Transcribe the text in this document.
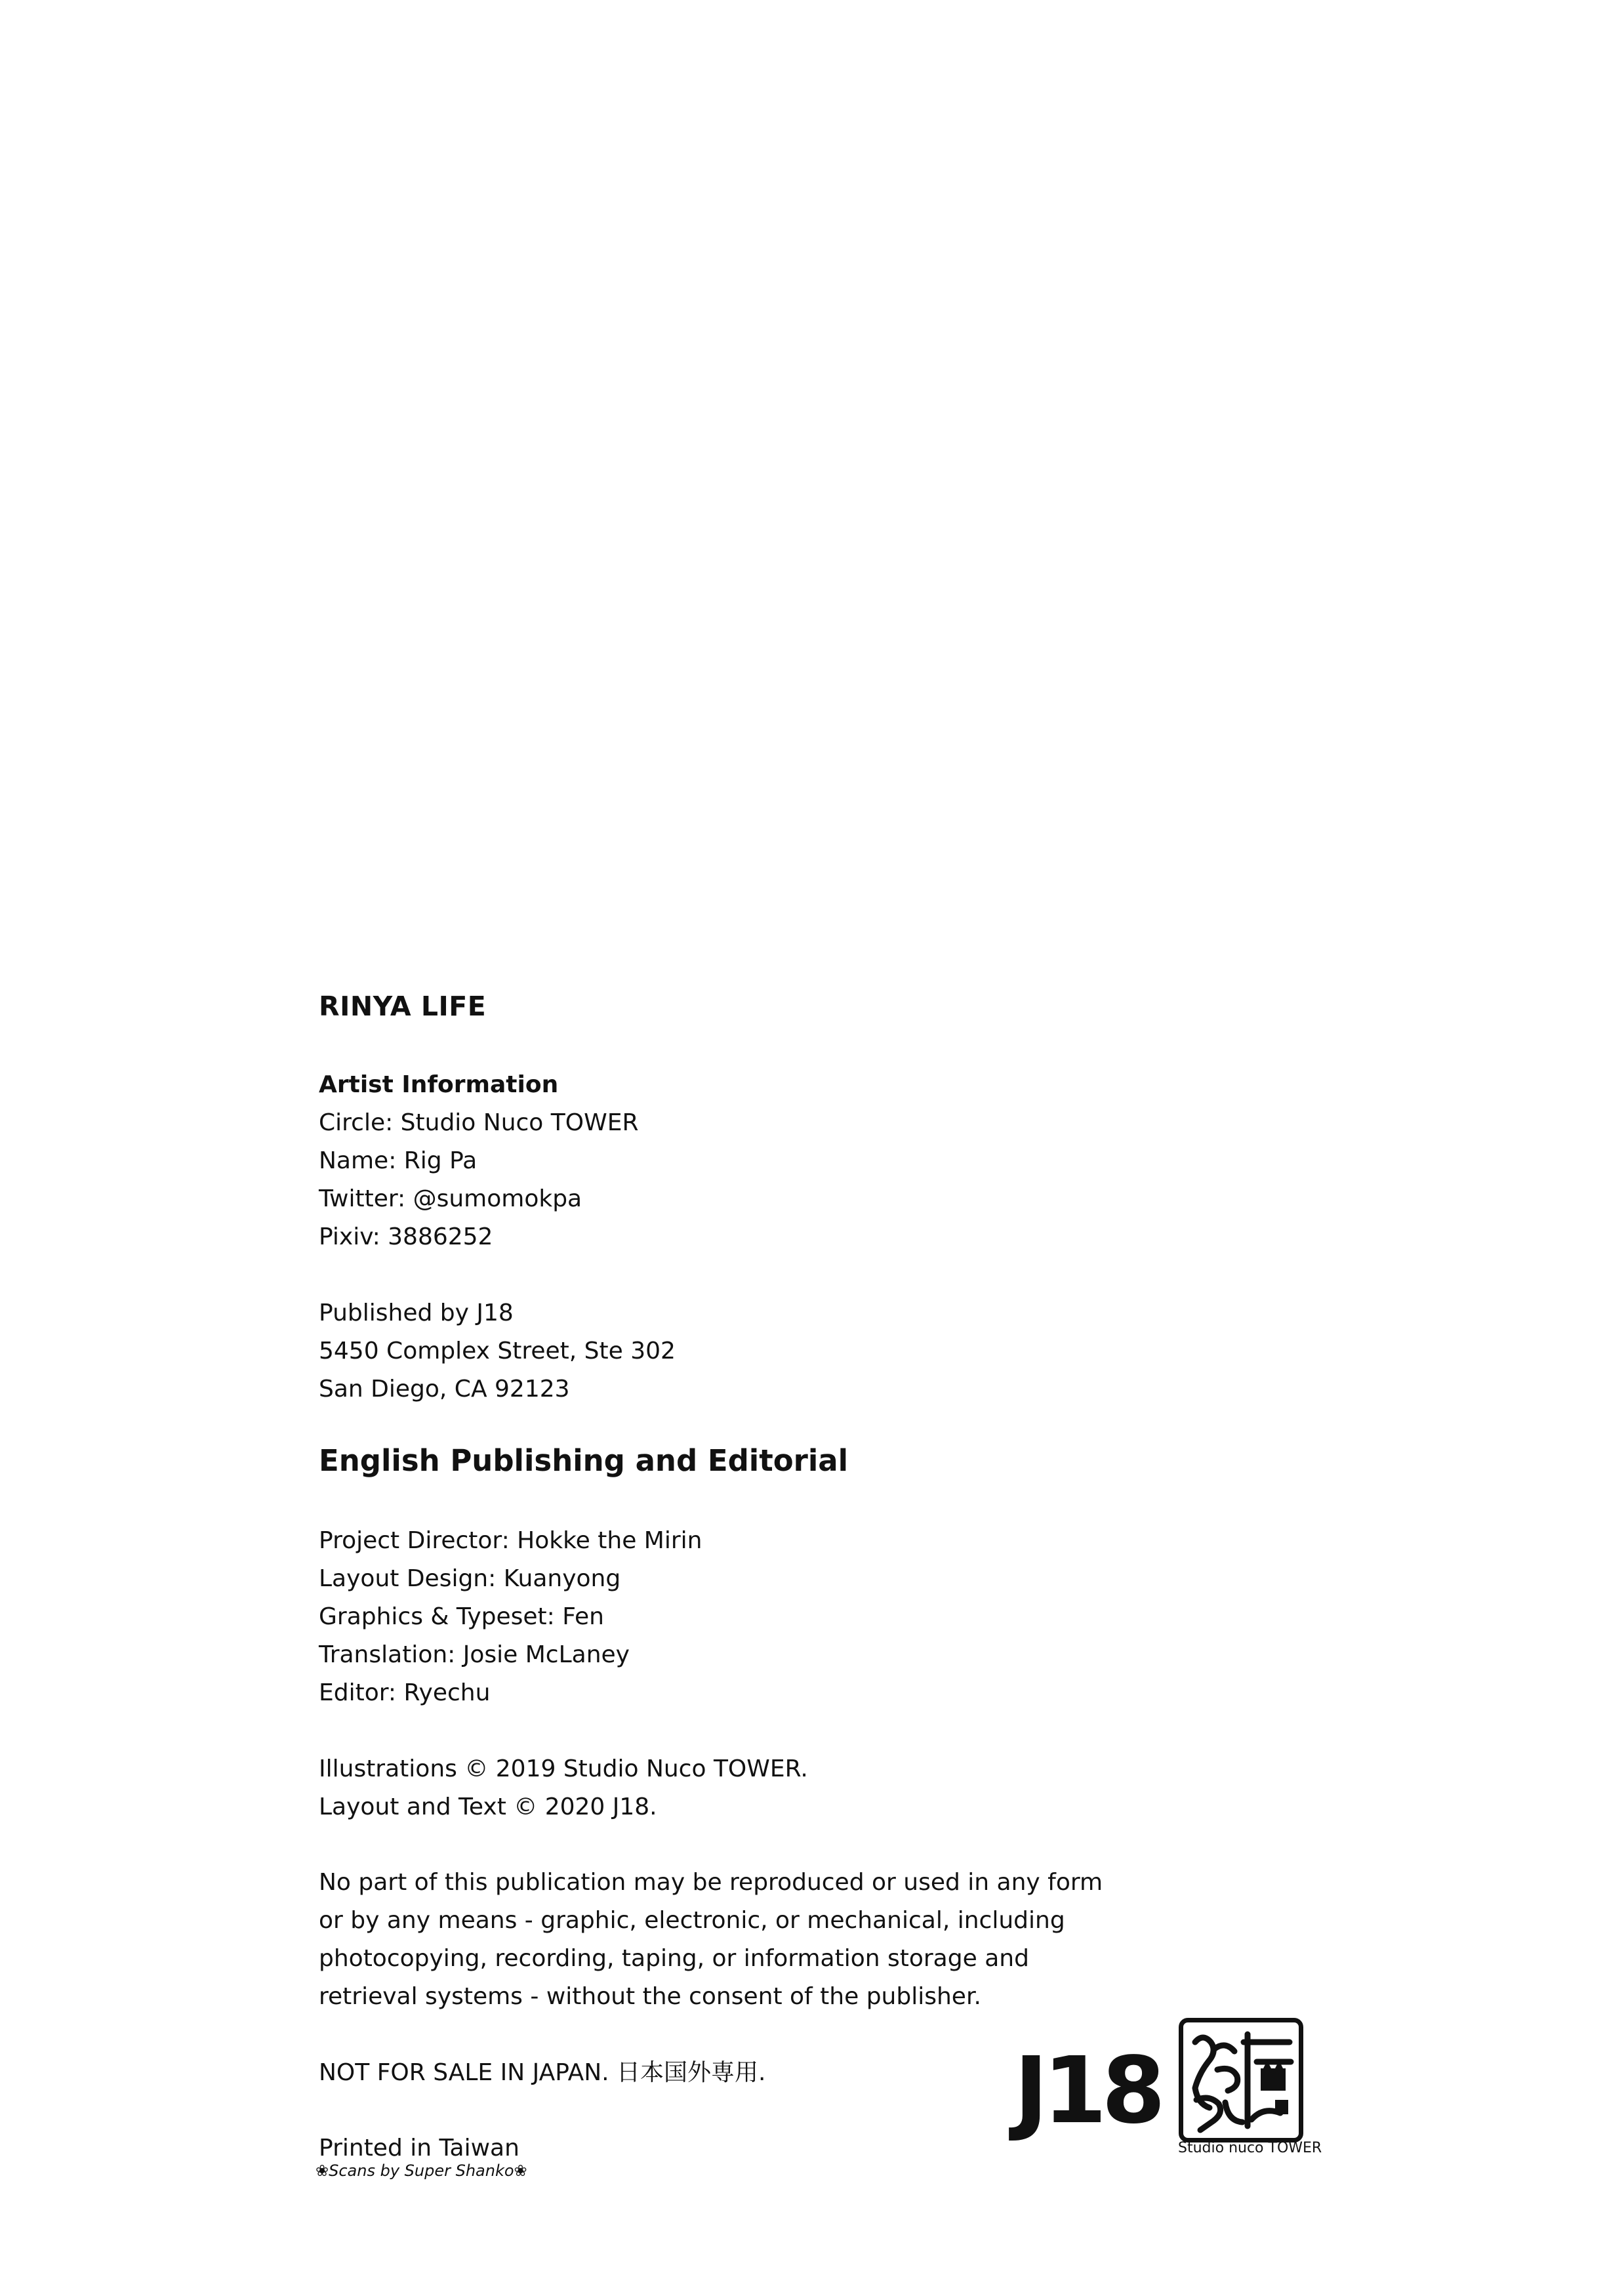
RINYA LIFE
Artist Information
Circle: Studio Nuco TOWER
Name: Rig Pa
Twitter: @sumomokpa
Pixiv: 3886252
Published by J18
5450 Complex Street, Ste 302
San Diego, CA 92123
English Publishing and Editorial
Project Director: Hokke the Mirin
Layout Design: Kuanyong
Graphics & Typeset: Fen
Translation: Josie McLaney
Editor: Ryechu
Illustrations © 2019 Studio Nuco TOWER.
Layout and Text © 2020 J18.
No part of this publication may be reproduced or used in any form
or by any means - graphic, electronic, or mechanical, including
photocopying, recording, taping, or information storage and
retrieval systems - without the consent of the publisher.
NOT FOR SALE IN JAPAN. 日本国外専用.
Printed in Taiwan
❀Scans by Super Shanko❀
J18
Studio nuco TOWER
